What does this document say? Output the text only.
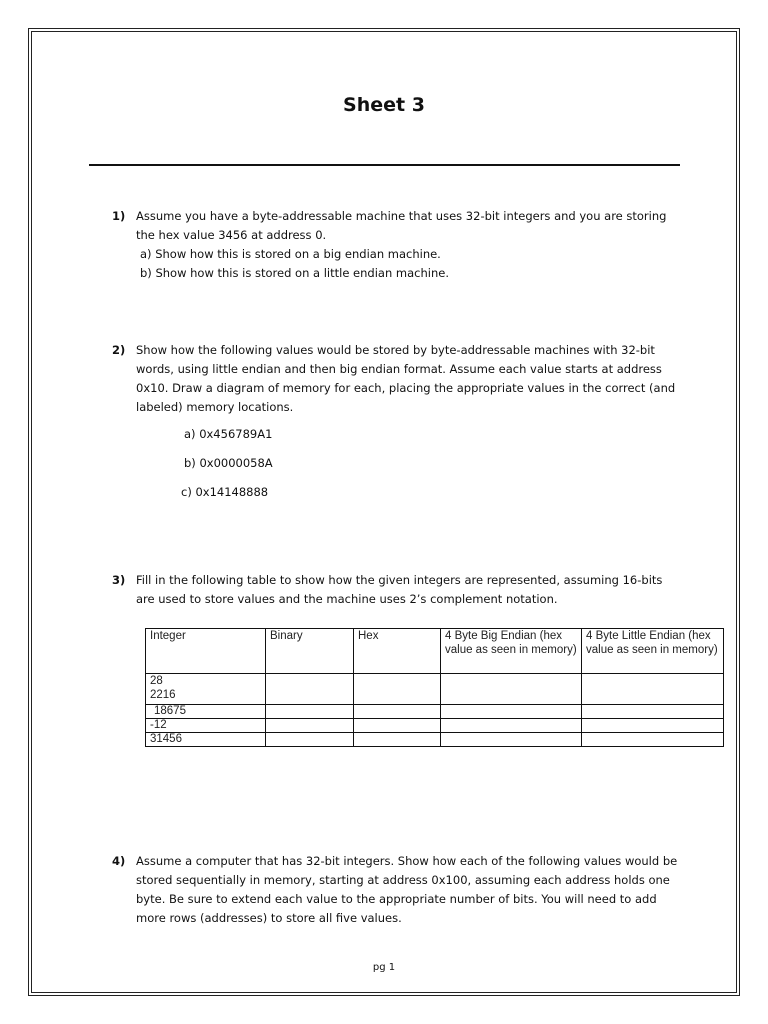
Sheet 3
1) Assume you have a byte-addressable machine that uses 32-bit integers and you are storing the hex value 3456 at address 0.
a) Show how this is stored on a big endian machine.
b) Show how this is stored on a little endian machine.
2) Show how the following values would be stored by byte-addressable machines with 32-bit words, using little endian and then big endian format. Assume each value starts at address 0x10. Draw a diagram of memory for each, placing the appropriate values in the correct (and labeled) memory locations.
a) 0x456789A1
b) 0x0000058A
c) 0x14148888
3) Fill in the following table to show how the given integers are represented, assuming 16-bits are used to store values and the machine uses 2’s complement notation.
Integer	Binary	Hex	4 Byte Big Endian (hex value as seen in memory)	4 Byte Little Endian (hex value as seen in memory)
28
2216				
18675				
-12				
31456				
4) Assume a computer that has 32-bit integers. Show how each of the following values would be stored sequentially in memory, starting at address 0x100, assuming each address holds one byte. Be sure to extend each value to the appropriate number of bits. You will need to add more rows (addresses) to store all five values.
pg 1
